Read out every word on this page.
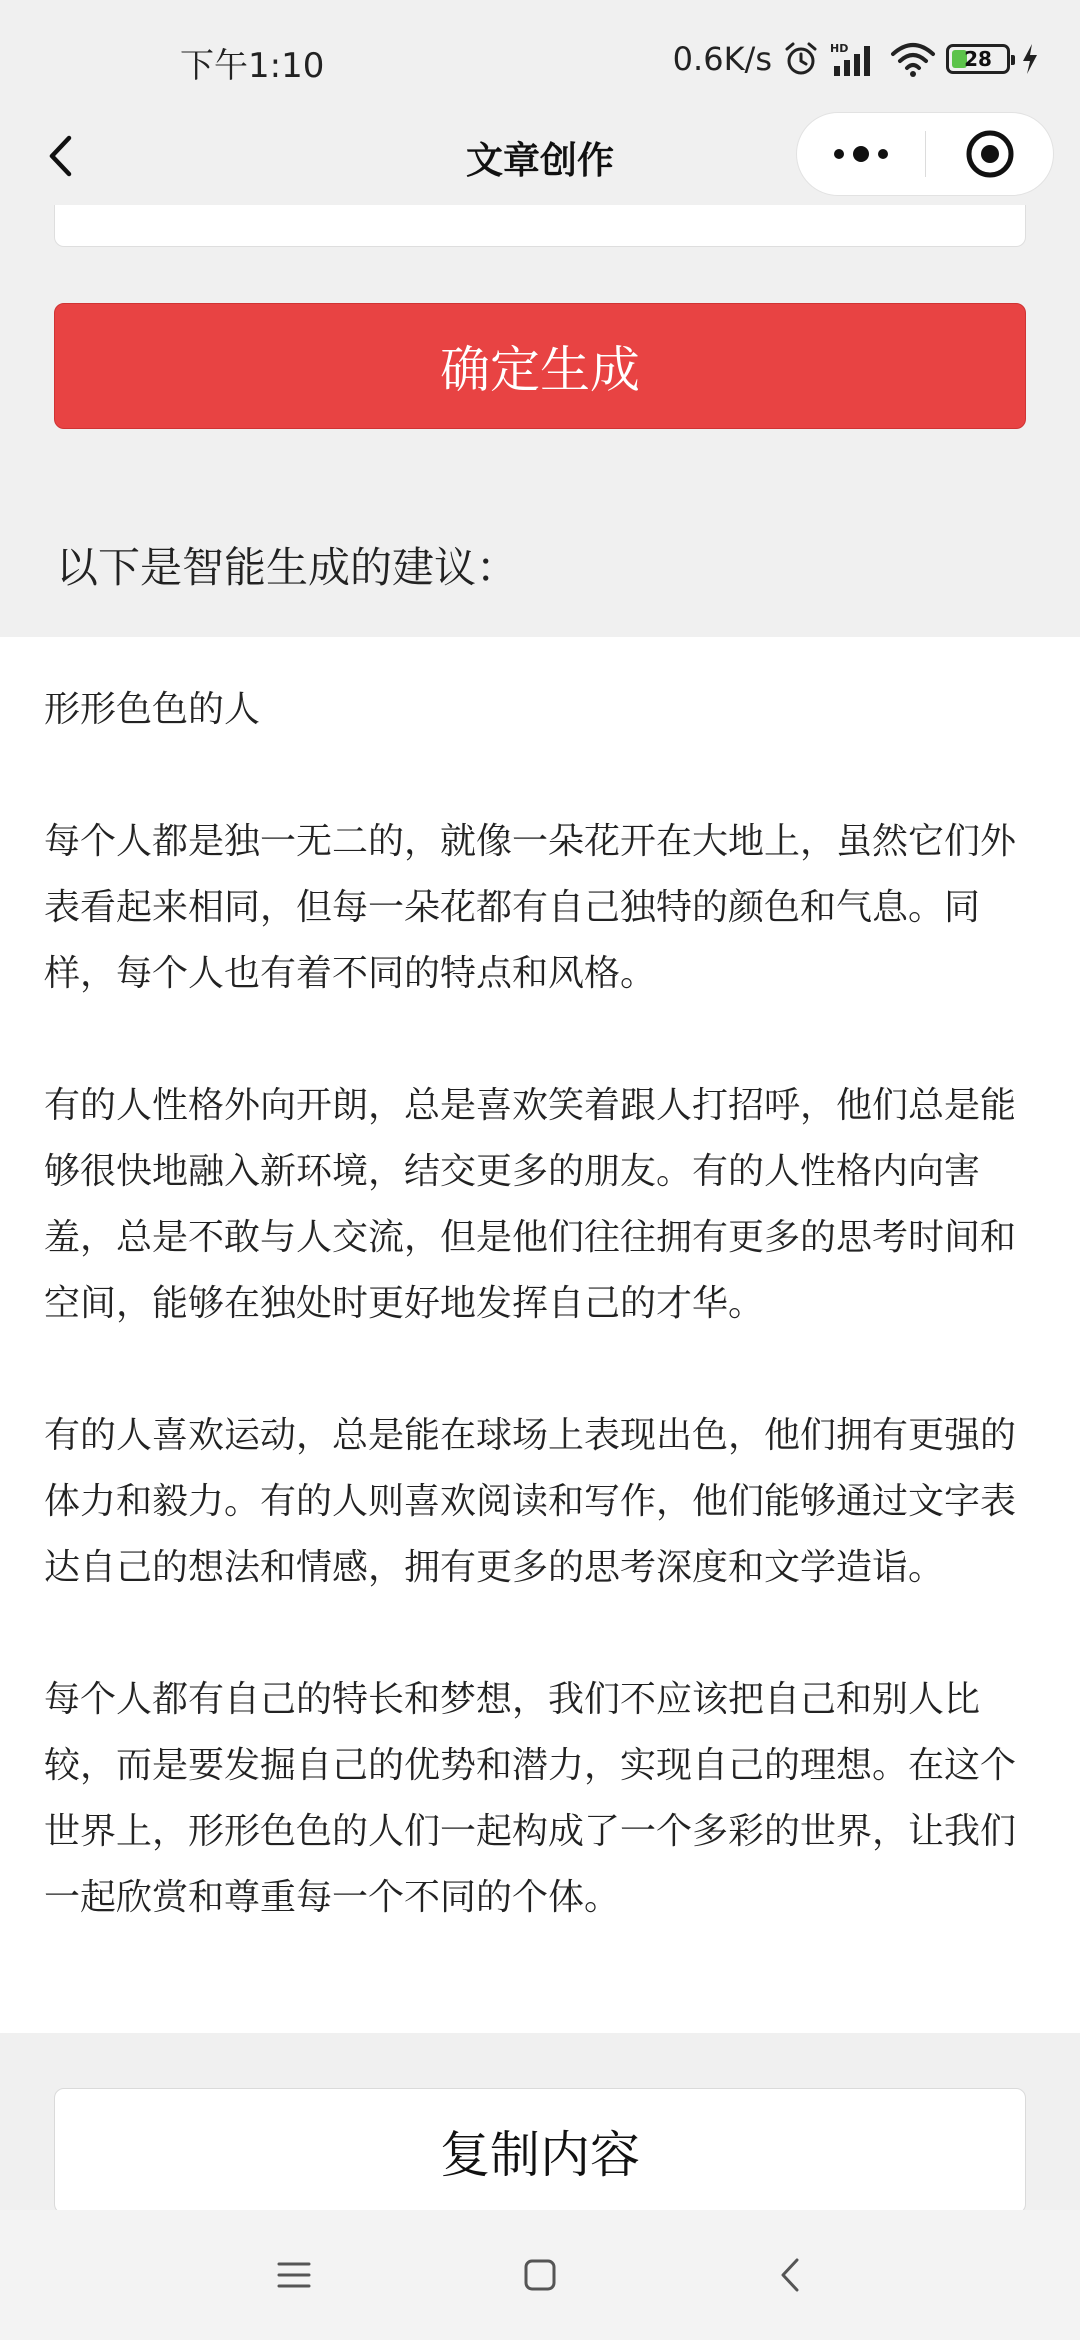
下午1:10	0.6K/s	HD	28
文章创作
确定生成
以下是智能生成的建议：

形形色色的人

每个人都是独一无二的，就像一朵花开在大地上，虽然它们外表看起来相同，但每一朵花都有自己独特的颜色和气息。同样，每个人也有着不同的特点和风格。

有的人性格外向开朗，总是喜欢笑着跟人打招呼，他们总是能够很快地融入新环境，结交更多的朋友。有的人性格内向害羞，总是不敢与人交流，但是他们往往拥有更多的思考时间和空间，能够在独处时更好地发挥自己的才华。

有的人喜欢运动，总是能在球场上表现出色，他们拥有更强的体力和毅力。有的人则喜欢阅读和写作，他们能够通过文字表达自己的想法和情感，拥有更多的思考深度和文学造诣。

每个人都有自己的特长和梦想，我们不应该把自己和别人比较，而是要发掘自己的优势和潜力，实现自己的理想。在这个世界上，形形色色的人们一起构成了一个多彩的世界，让我们一起欣赏和尊重每一个不同的个体。

复制内容
